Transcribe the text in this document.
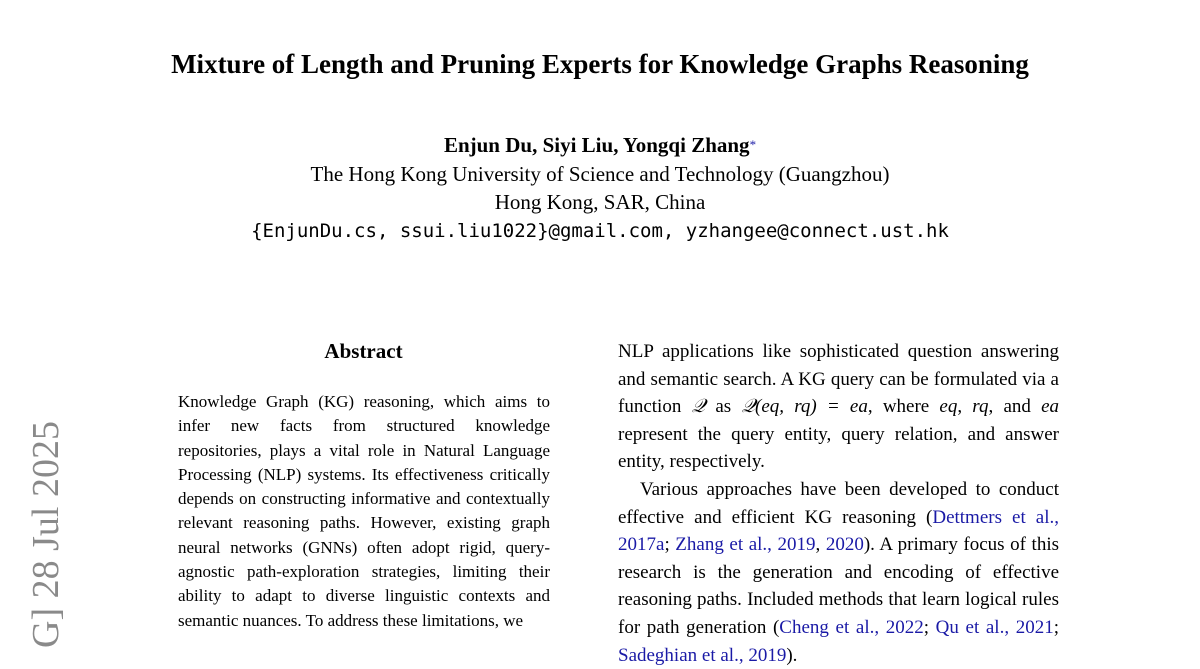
Mixture of Length and Pruning Experts for Knowledge Graphs Reasoning
Enjun Du, Siyi Liu, Yongqi Zhang*
The Hong Kong University of Science and Technology (Guangzhou)
Hong Kong, SAR, China
{EnjunDu.cs, ssui.liu1022}@gmail.com, yzhangee@connect.ust.hk
G] 28 Jul 2025
Abstract
Knowledge Graph (KG) reasoning, which aims to infer new facts from structured knowledge repositories, plays a vital role in Natural Language Processing (NLP) systems. Its effectiveness critically depends on constructing informative and contextually relevant reasoning paths. However, existing graph neural networks (GNNs) often adopt rigid, query-agnostic path-exploration strategies, limiting their ability to adapt to diverse linguistic contexts and semantic nuances. To address these limitations, we

NLP applications like sophisticated question answering and semantic search. A KG query can be formulated via a function 𝒬 as 𝒬(eq, rq) = ea, where eq, rq, and ea represent the query entity, query relation, and answer entity, respectively.

Various approaches have been developed to conduct effective and efficient KG reasoning (Dettmers et al., 2017a; Zhang et al., 2019, 2020). A primary focus of this research is the generation and encoding of effective reasoning paths. Included methods that learn logical rules for path generation (Cheng et al., 2022; Qu et al., 2021; Sadeghian et al., 2019).
